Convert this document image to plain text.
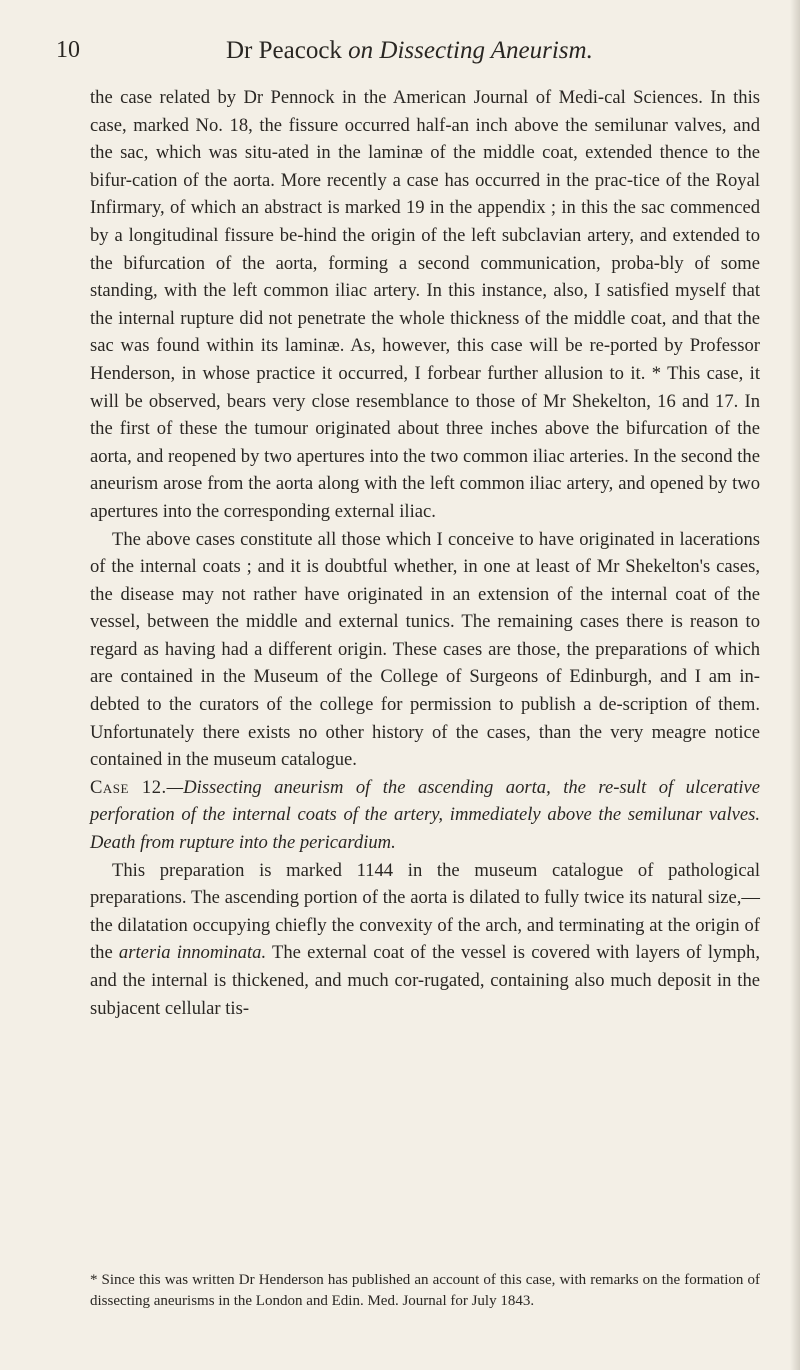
10	Dr Peacock on Dissecting Aneurism.

the case related by Dr Pennock in the American Journal of Medi-cal Sciences. In this case, marked No. 18, the fissure occurred half-an inch above the semilunar valves, and the sac, which was situ-ated in the laminæ of the middle coat, extended thence to the bifur-cation of the aorta. More recently a case has occurred in the prac-tice of the Royal Infirmary, of which an abstract is marked 19 in the appendix ; in this the sac commenced by a longitudinal fissure be-hind the origin of the left subclavian artery, and extended to the bifurcation of the aorta, forming a second communication, proba-bly of some standing, with the left common iliac artery. In this instance, also, I satisfied myself that the internal rupture did not penetrate the whole thickness of the middle coat, and that the sac was found within its laminæ. As, however, this case will be re-ported by Professor Henderson, in whose practice it occurred, I forbear further allusion to it. * This case, it will be observed, bears very close resemblance to those of Mr Shekelton, 16 and 17. In the first of these the tumour originated about three inches above the bifurcation of the aorta, and reopened by two apertures into the two common iliac arteries. In the second the aneurism arose from the aorta along with the left common iliac artery, and opened by two apertures into the corresponding external iliac.

The above cases constitute all those which I conceive to have originated in lacerations of the internal coats ; and it is doubtful whether, in one at least of Mr Shekelton's cases, the disease may not rather have originated in an extension of the internal coat of the vessel, between the middle and external tunics. The remaining cases there is reason to regard as having had a different origin. These cases are those, the preparations of which are contained in the Museum of the College of Surgeons of Edinburgh, and I am in-debted to the curators of the college for permission to publish a de-scription of them. Unfortunately there exists no other history of the cases, than the very meagre notice contained in the museum catalogue.

Case 12.—Dissecting aneurism of the ascending aorta, the re-sult of ulcerative perforation of the internal coats of the artery, immediately above the semilunar valves. Death from rupture into the pericardium.

This preparation is marked 1144 in the museum catalogue of pathological preparations. The ascending portion of the aorta is dilated to fully twice its natural size,—the dilatation occupying chiefly the convexity of the arch, and terminating at the origin of the arteria innominata. The external coat of the vessel is covered with layers of lymph, and the internal is thickened, and much cor-rugated, containing also much deposit in the subjacent cellular tis-

* Since this was written Dr Henderson has published an account of this case, with remarks on the formation of dissecting aneurisms in the London and Edin. Med. Journal for July 1843.
